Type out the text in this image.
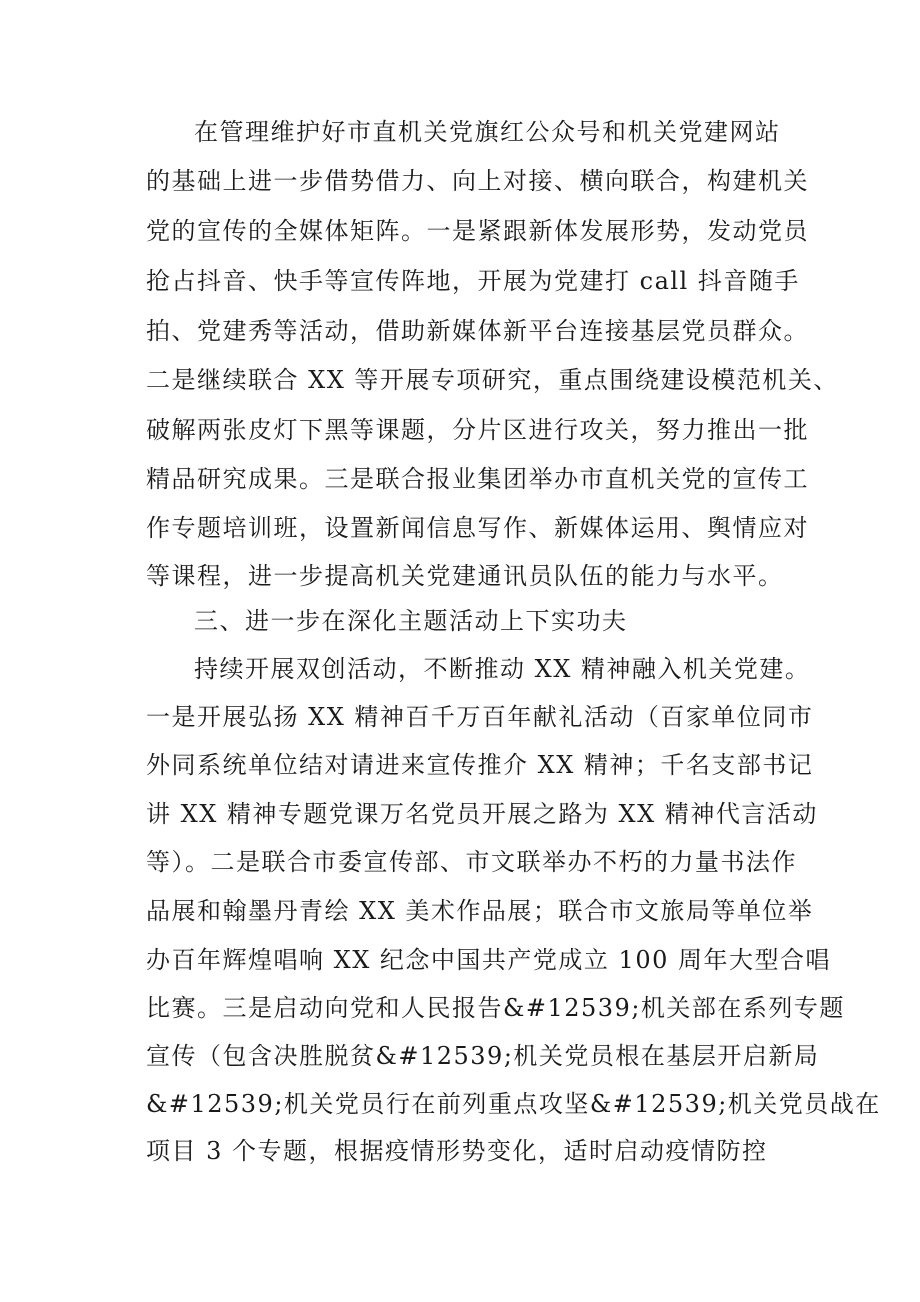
在管理维护好市直机关党旗红公众号和机关党建网站
的基础上进一步借势借力、向上对接、横向联合，构建机关
党的宣传的全媒体矩阵。一是紧跟新体发展形势，发动党员
抢占抖音、快手等宣传阵地，开展为党建打 call 抖音随手
拍、党建秀等活动，借助新媒体新平台连接基层党员群众。
二是继续联合 XX 等开展专项研究，重点围绕建设模范机关、
破解两张皮灯下黑等课题，分片区进行攻关，努力推出一批
精品研究成果。三是联合报业集团举办市直机关党的宣传工
作专题培训班，设置新闻信息写作、新媒体运用、舆情应对
等课程，进一步提高机关党建通讯员队伍的能力与水平。
三、进一步在深化主题活动上下实功夫
持续开展双创活动，不断推动 XX 精神融入机关党建。
一是开展弘扬 XX 精神百千万百年献礼活动（百家单位同市
外同系统单位结对请进来宣传推介 XX 精神；千名支部书记
讲 XX 精神专题党课万名党员开展之路为 XX 精神代言活动
等）。二是联合市委宣传部、市文联举办不朽的力量书法作
品展和翰墨丹青绘 XX 美术作品展；联合市文旅局等单位举
办百年辉煌唱响 XX 纪念中国共产党成立 100 周年大型合唱
比赛。三是启动向党和人民报告&#12539;机关部在系列专题
宣传（包含决胜脱贫&#12539;机关党员根在基层开启新局
&#12539;机关党员行在前列重点攻坚&#12539;机关党员战在
项目 3 个专题，根据疫情形势变化，适时启动疫情防控
